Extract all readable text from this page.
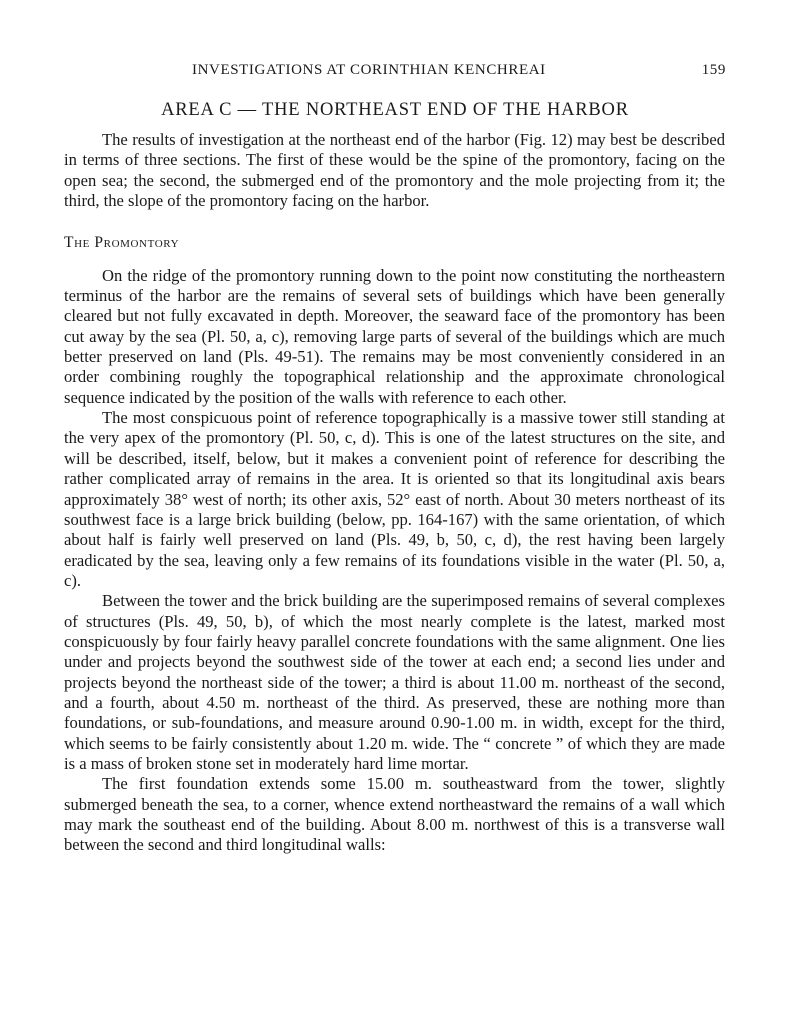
INVESTIGATIONS AT CORINTHIAN KENCHREAI	159
AREA C — THE NORTHEAST END OF THE HARBOR

The results of investigation at the northeast end of the harbor (Fig. 12) may best be described in terms of three sections. The first of these would be the spine of the promontory, facing on the open sea; the second, the submerged end of the promontory and the mole projecting from it; the third, the slope of the promontory facing on the harbor.

The Promontory

On the ridge of the promontory running down to the point now constituting the northeastern terminus of the harbor are the remains of several sets of buildings which have been generally cleared but not fully excavated in depth. Moreover, the seaward face of the promontory has been cut away by the sea (Pl. 50, a, c), removing large parts of several of the buildings which are much better preserved on land (Pls. 49-51). The remains may be most conveniently considered in an order combining roughly the topographical relationship and the approximate chronological sequence indicated by the position of the walls with reference to each other.

The most conspicuous point of reference topographically is a massive tower still standing at the very apex of the promontory (Pl. 50, c, d). This is one of the latest structures on the site, and will be described, itself, below, but it makes a convenient point of reference for describing the rather complicated array of remains in the area. It is oriented so that its longitudinal axis bears approximately 38° west of north; its other axis, 52° east of north. About 30 meters northeast of its southwest face is a large brick building (below, pp. 164-167) with the same orientation, of which about half is fairly well preserved on land (Pls. 49, b, 50, c, d), the rest having been largely eradicated by the sea, leaving only a few remains of its foundations visible in the water (Pl. 50, a, c).

Between the tower and the brick building are the superimposed remains of several complexes of structures (Pls. 49, 50, b), of which the most nearly complete is the latest, marked most conspicuously by four fairly heavy parallel concrete foundations with the same alignment. One lies under and projects beyond the southwest side of the tower at each end; a second lies under and projects beyond the northeast side of the tower; a third is about 11.00 m. northeast of the second, and a fourth, about 4.50 m. northeast of the third. As preserved, these are nothing more than foundations, or sub-foundations, and measure around 0.90-1.00 m. in width, except for the third, which seems to be fairly consistently about 1.20 m. wide. The “ concrete ” of which they are made is a mass of broken stone set in moderately hard lime mortar.

The first foundation extends some 15.00 m. southeastward from the tower, slightly submerged beneath the sea, to a corner, whence extend northeastward the remains of a wall which may mark the southeast end of the building. About 8.00 m. northwest of this is a transverse wall between the second and third longitudinal walls:
